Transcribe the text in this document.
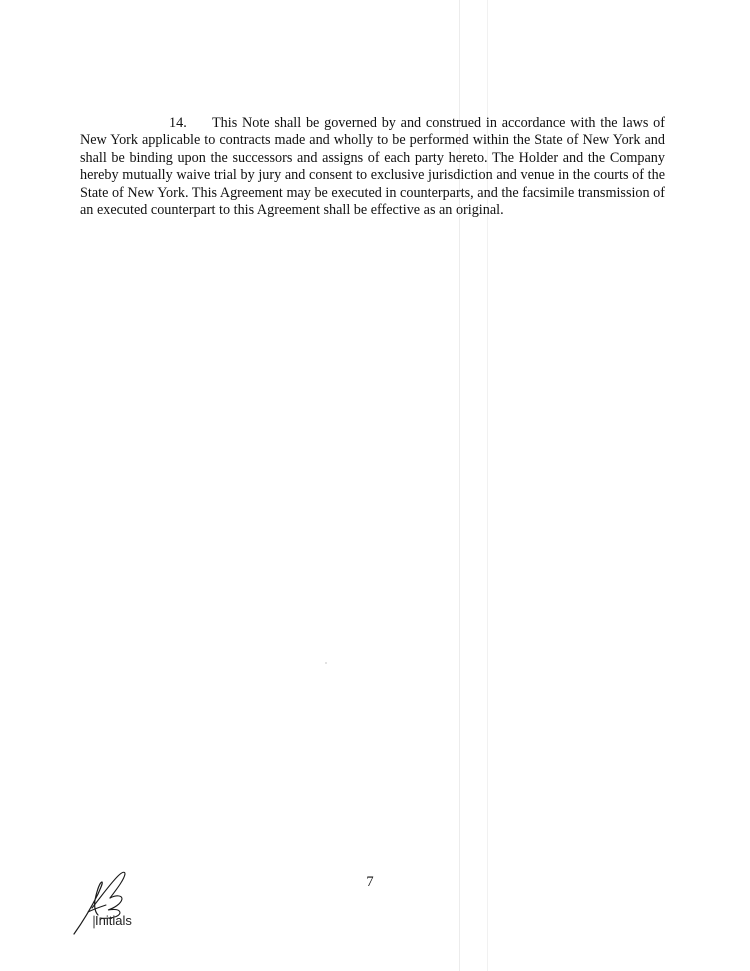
14. This Note shall be governed by and construed in accordance with the laws of New York applicable to contracts made and wholly to be performed within the State of New York and shall be binding upon the successors and assigns of each party hereto. The Holder and the Company hereby mutually waive trial by jury and consent to exclusive jurisdiction and venue in the courts of the State of New York. This Agreement may be executed in counterparts, and the facsimile transmission of an executed counterpart to this Agreement shall be effective as an original.

7
Initials
